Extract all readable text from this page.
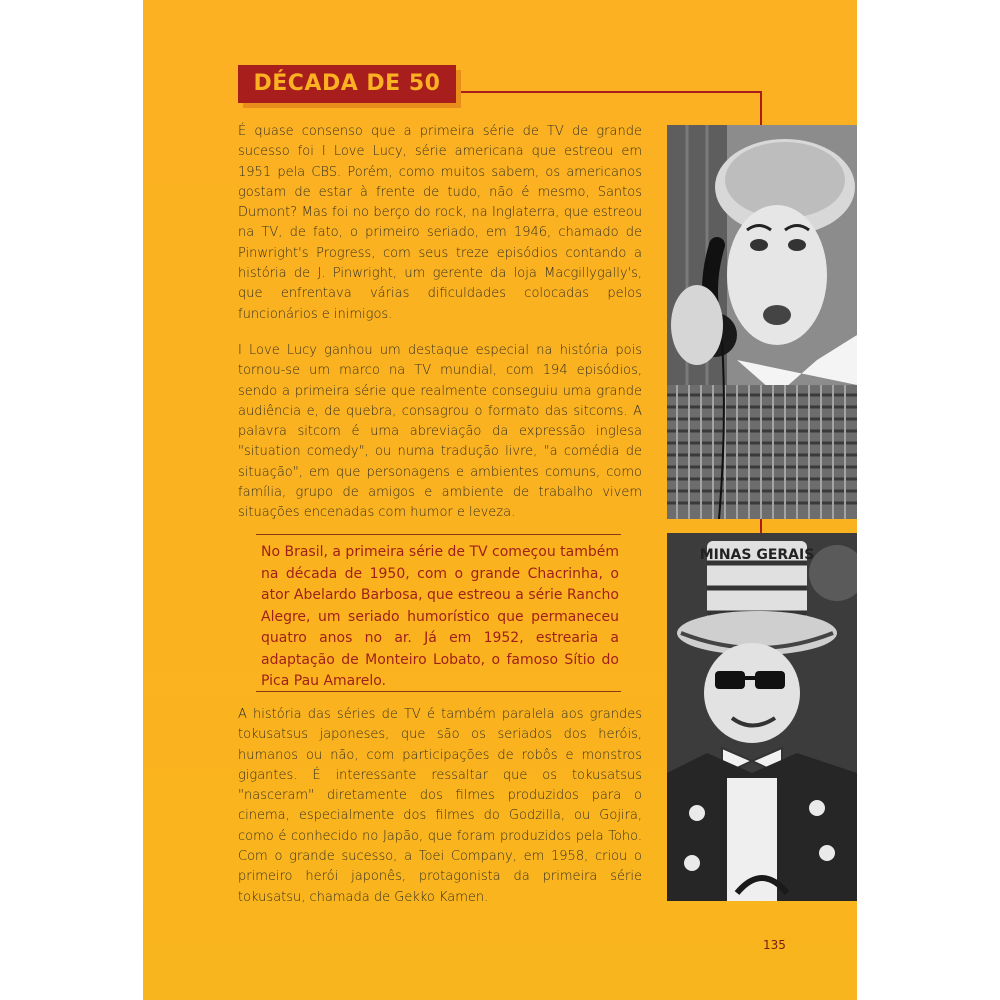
DÉCADA DE 50
É quase consenso que a primeira série de TV de grande sucesso foi I Love Lucy, série americana que estreou em 1951 pela CBS. Porém, como muitos sabem, os americanos gostam de estar à frente de tudo, não é mesmo, Santos Dumont? Mas foi no berço do rock, na Inglaterra, que estreou na TV, de fato, o primeiro seriado, em 1946, chamado de Pinwright's Progress, com seus treze episódios contando a história de J. Pinwright, um gerente da loja Macgillygally's, que enfrentava várias dificuldades colocadas pelos funcionários e inimigos.
I Love Lucy ganhou um destaque especial na história pois tornou-se um marco na TV mundial, com 194 episódios, sendo a primeira série que realmente conseguiu uma grande audiência e, de quebra, consagrou o formato das sitcoms. A palavra sitcom é uma abreviação da expressão inglesa "situation comedy", ou numa tradução livre, "a comédia de situação", em que personagens e ambientes comuns, como família, grupo de amigos e ambiente de trabalho vivem situações encenadas com humor e leveza.
No Brasil, a primeira série de TV começou também na década de 1950, com o grande Chacrinha, o ator Abelardo Barbosa, que estreou a série Rancho Alegre, um seriado humorístico que permaneceu quatro anos no ar. Já em 1952, estrearia a adaptação de Monteiro Lobato, o famoso Sítio do Pica Pau Amarelo.
A história das séries de TV é também paralela aos grandes tokusatsus japoneses, que são os seriados dos heróis, humanos ou não, com participações de robôs e monstros gigantes. É interessante ressaltar que os tokusatsus "nasceram" diretamente dos filmes produzidos para o cinema, especialmente dos filmes do Godzilla, ou Gojira, como é conhecido no Japão, que foram produzidos pela Toho. Com o grande sucesso, a Toei Company, em 1958, criou o primeiro herói japonês, protagonista da primeira série tokusatsu, chamada de Gekko Kamen.
MINAS GERAIS
135
